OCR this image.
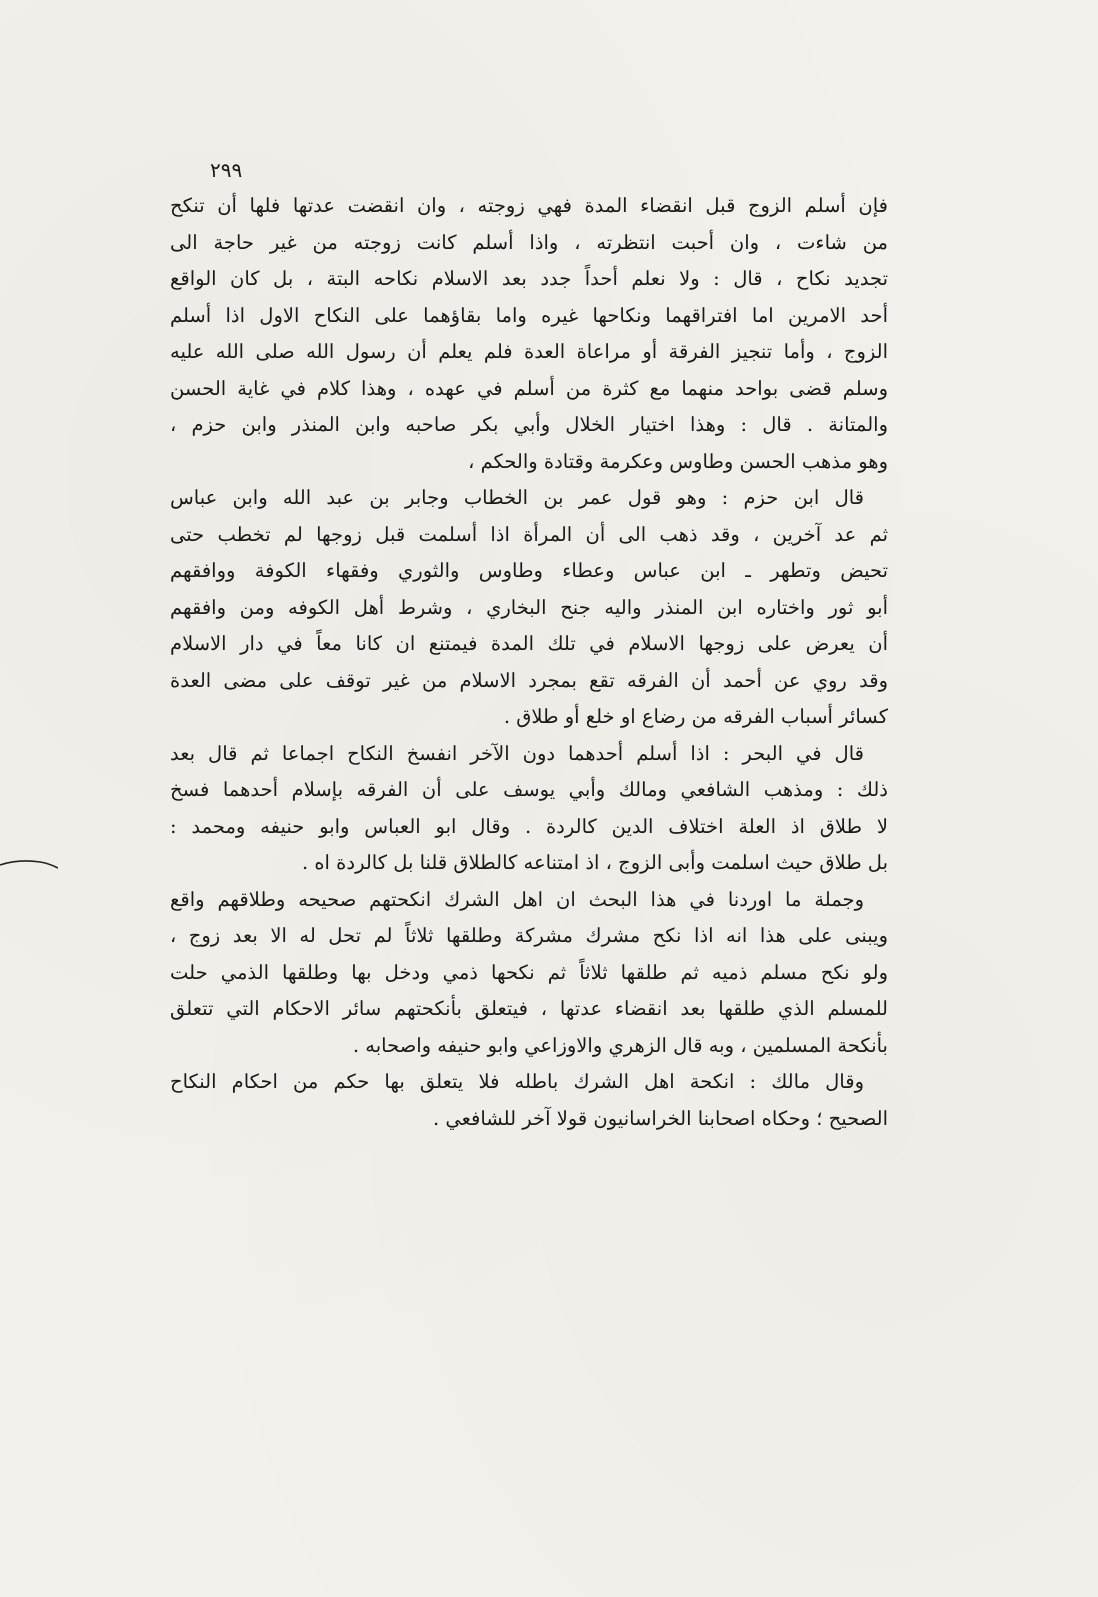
٢٩٩
فإن أسلم الزوج قبل انقضاء المدة فهي زوجته ، وان انقضت عدتها فلها أن تنكح
من شاءت ، وان أحبت انتظرته ، واذا أسلم كانت زوجته من غير حاجة الى
تجديد نكاح ، قال : ولا نعلم أحداً جدد بعد الاسلام نكاحه البتة ، بل كان الواقع
أحد الامرين اما افتراقهما ونكاحها غيره واما بقاؤهما على النكاح الاول اذا أسلم
الزوج ، وأما تنجيز الفرقة أو مراعاة العدة فلم يعلم أن رسول الله صلى الله عليه
وسلم قضى بواحد منهما مع كثرة من أسلم في عهده ، وهذا كلام في غاية الحسن
والمتانة . قال : وهذا اختيار الخلال وأبي بكر صاحبه وابن المنذر وابن حزم ،
وهو مذهب الحسن وطاوس وعكرمة وقتادة والحكم ،
قال ابن حزم : وهو قول عمر بن الخطاب وجابر بن عبد الله وابن عباس
ثم عد آخرين ، وقد ذهب الى أن المرأة اذا أسلمت قبل زوجها لم تخطب حتى
تحيض وتطهر ـ ابن عباس وعطاء وطاوس والثوري وفقهاء الكوفة ووافقهم
أبو ثور واختاره ابن المنذر واليه جنح البخاري ، وشرط أهل الكوفه ومن وافقهم
أن يعرض على زوجها الاسلام في تلك المدة فيمتنع ان كانا معاً في دار الاسلام
وقد روي عن أحمد أن الفرقه تقع بمجرد الاسلام من غير توقف على مضى العدة
كسائر أسباب الفرقه من رضاع او خلع أو طلاق .
قال في البحر : اذا أسلم أحدهما دون الآخر انفسخ النكاح اجماعا ثم قال بعد
ذلك : ومذهب الشافعي ومالك وأبي يوسف على أن الفرقه بإسلام أحدهما فسخ
لا طلاق اذ العلة اختلاف الدين كالردة . وقال ابو العباس وابو حنيفه ومحمد :
بل طلاق حيث اسلمت وأبى الزوج ، اذ امتناعه كالطلاق قلنا بل كالردة اه .
وجملة ما اوردنا في هذا البحث ان اهل الشرك انكحتهم صحيحه وطلاقهم واقع
ويبنى على هذا انه اذا نكح مشرك مشركة وطلقها ثلاثاً لم تحل له الا بعد زوج ،
ولو نكح مسلم ذميه ثم طلقها ثلاثاً ثم نكحها ذمي ودخل بها وطلقها الذمي حلت
للمسلم الذي طلقها بعد انقضاء عدتها ، فيتعلق بأنكحتهم سائر الاحكام التي تتعلق
بأنكحة المسلمين ، وبه قال الزهري والاوزاعي وابو حنيفه واصحابه .
وقال مالك : انكحة اهل الشرك باطله فلا يتعلق بها حكم من احكام النكاح
الصحيح ؛ وحكاه اصحابنا الخراسانيون قولا آخر للشافعي .
